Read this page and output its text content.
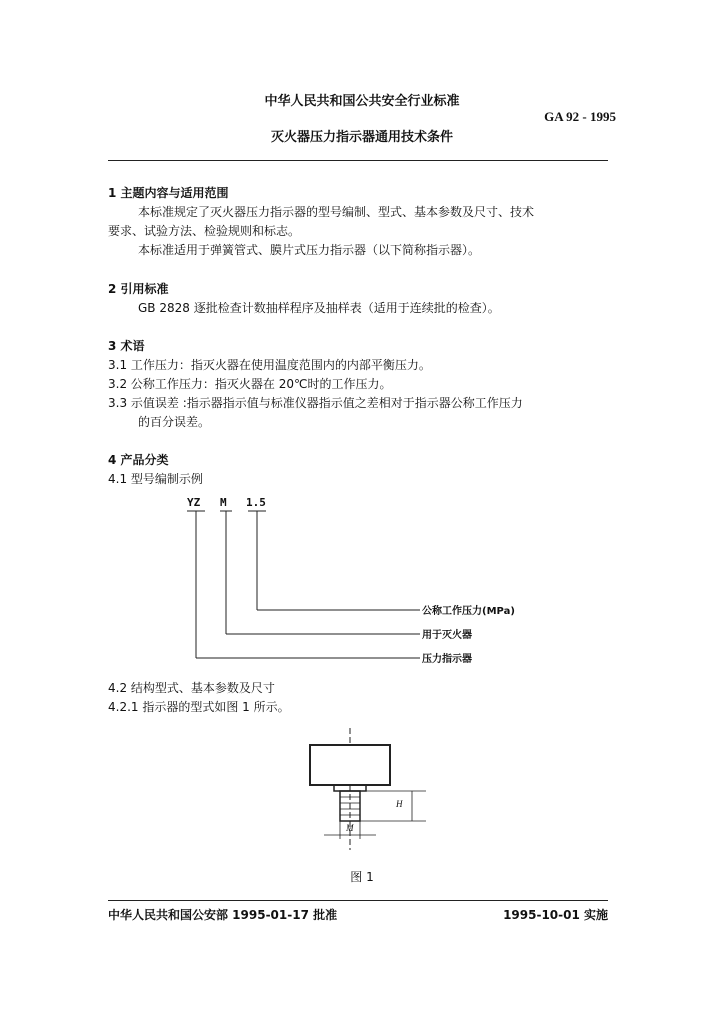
中华人民共和国公共安全行业标准
GA 92 - 1995
灭火器压力指示器通用技术条件
1 主题内容与适用范围
本标准规定了灭火器压力指示器的型号编制、型式、基本参数及尺寸、技术
要求、试验方法、检验规则和标志。
本标准适用于弹簧管式、膜片式压力指示器（以下简称指示器）。
2 引用标准
GB 2828 逐批检查计数抽样程序及抽样表（适用于连续批的检查）。
3 术语
3.1 工作压力：指灭火器在使用温度范围内的内部平衡压力。
3.2 公称工作压力：指灭火器在 20℃时的工作压力。
3.3 示值误差 :指示器指示值与标准仪器指示值之差相对于指示器公称工作压力
的百分误差。
4 产品分类
4.1 型号编制示例
YZ M 1.5
公称工作压力(MPa)
用于灭火器
压力指示器
4.2 结构型式、基本参数及尺寸
4.2.1 指示器的型式如图 1 所示。
H
M
图 1
中华人民共和国公安部 1995-01-17 批准	1995-10-01 实施
